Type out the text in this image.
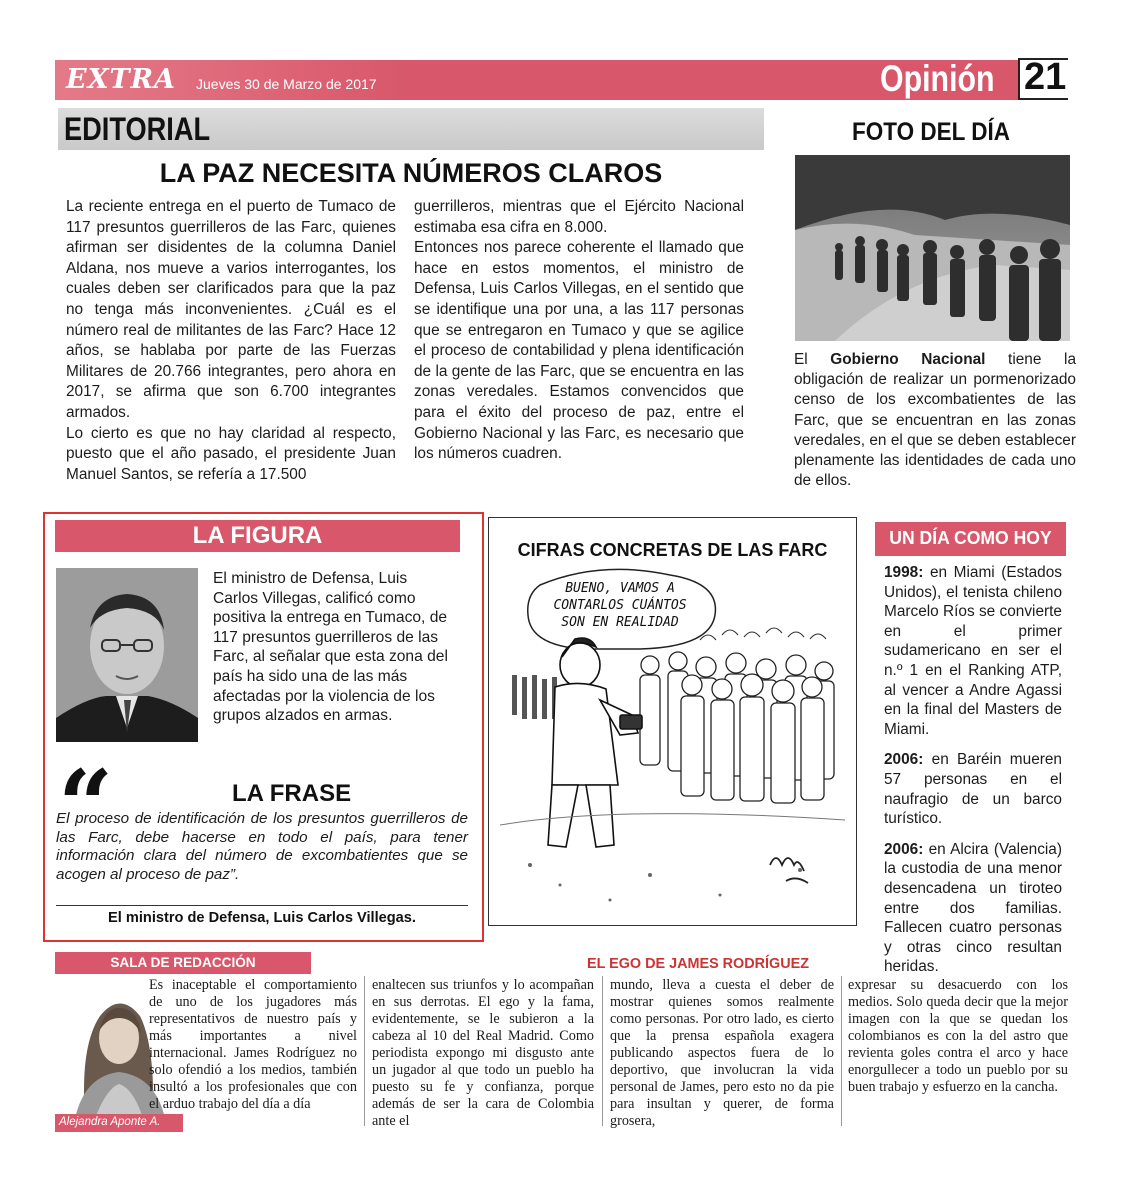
EXTRA Jueves 30 de Marzo de 2017	Opinión 21
EDITORIAL
LA PAZ NECESITA NÚMEROS CLAROS

La reciente entrega en el puerto de Tumaco de 117 presuntos guerrilleros de las Farc, quienes afirman ser disidentes de la columna Daniel Aldana, nos mueve a varios interrogantes, los cuales deben ser clarificados para que la paz no tenga más inconvenientes. ¿Cuál es el número real de militantes de las Farc? Hace 12 años, se hablaba por parte de las Fuerzas Militares de 20.766 integrantes, pero ahora en 2017, se afirma que son 6.700 integrantes armados.

Lo cierto es que no hay claridad al respecto, puesto que el año pasado, el presidente Juan Manuel Santos, se refería a 17.500

guerrilleros, mientras que el Ejército Nacional estimaba esa cifra en 8.000.

Entonces nos parece coherente el llamado que hace en estos momentos, el ministro de Defensa, Luis Carlos Villegas, en el sentido que se identifique una por una, a las 117 personas que se entregaron en Tumaco y que se agilice el proceso de contabilidad y plena identificación de la gente de las Farc, que se encuentra en las zonas veredales. Estamos convencidos que para el éxito del proceso de paz, entre el Gobierno Nacional y las Farc, es necesario que los números cuadren.

FOTO DEL DÍA
El Gobierno Nacional tiene la obligación de realizar un pormenorizado censo de los excombatientes de las Farc, que se encuentran en las zonas veredales, en el que se deben establecer plenamente las identidades de cada uno de ellos.
LA FIGURA
El ministro de Defensa, Luis Carlos Villegas, calificó como positiva la entrega en Tumaco, de 117 presuntos guerrilleros de las Farc, al señalar que esta zona del país ha sido una de las más afectadas por la violencia de los grupos alzados en armas.
“	LA FRASE
El proceso de identificación de los presuntos guerrilleros de las Farc, debe hacerse en todo el país, para tener información clara del número de excombatientes que se acogen al proceso de paz”.
El ministro de Defensa, Luis Carlos Villegas.
CIFRAS CONCRETAS DE LAS FARC
BUENO, VAMOS A CONTARLOS CUÁNTOS SON EN REALIDAD
UN DÍA COMO HOY

1998: en Miami (Estados Unidos), el tenista chileno Marcelo Ríos se convierte en el primer sudamericano en ser el n.º 1 en el Ranking ATP, al vencer a Andre Agassi en la final del Masters de Miami.

2006: en Baréin mueren 57 personas en el naufragio de un barco turístico.

2006: en Alcira (Valencia) la custodia de una menor desencadena un tiroteo entre dos familias. Fallecen cuatro personas y otras cinco resultan heridas.

SALA DE REDACCIÓN	EL EGO DE JAMES RODRÍGUEZ
Alejandra Aponte A.
Es inaceptable el comportamiento de uno de los jugadores más representativos de nuestro país y más importantes a nivel internacional. James Rodríguez no solo ofendió a los medios, también insultó a los profesionales que con el arduo trabajo del día a día
enaltecen sus triunfos y lo acompañan en sus derrotas. El ego y la fama, evidentemente, se le subieron a la cabeza al 10 del Real Madrid. Como periodista expongo mi disgusto ante un jugador al que todo un pueblo ha puesto su fe y confianza, porque además de ser la cara de Colombia ante el
mundo, lleva a cuesta el deber de mostrar quienes somos realmente como personas. Por otro lado, es cierto que la prensa española exagera publicando aspectos fuera de lo deportivo, que involucran la vida personal de James, pero esto no da pie para insultan y querer, de forma grosera,
expresar su desacuerdo con los medios. Solo queda decir que la mejor imagen con la que se quedan los colombianos es con la del astro que revienta goles contra el arco y hace enorgullecer a todo un pueblo por su buen trabajo y esfuerzo en la cancha.
